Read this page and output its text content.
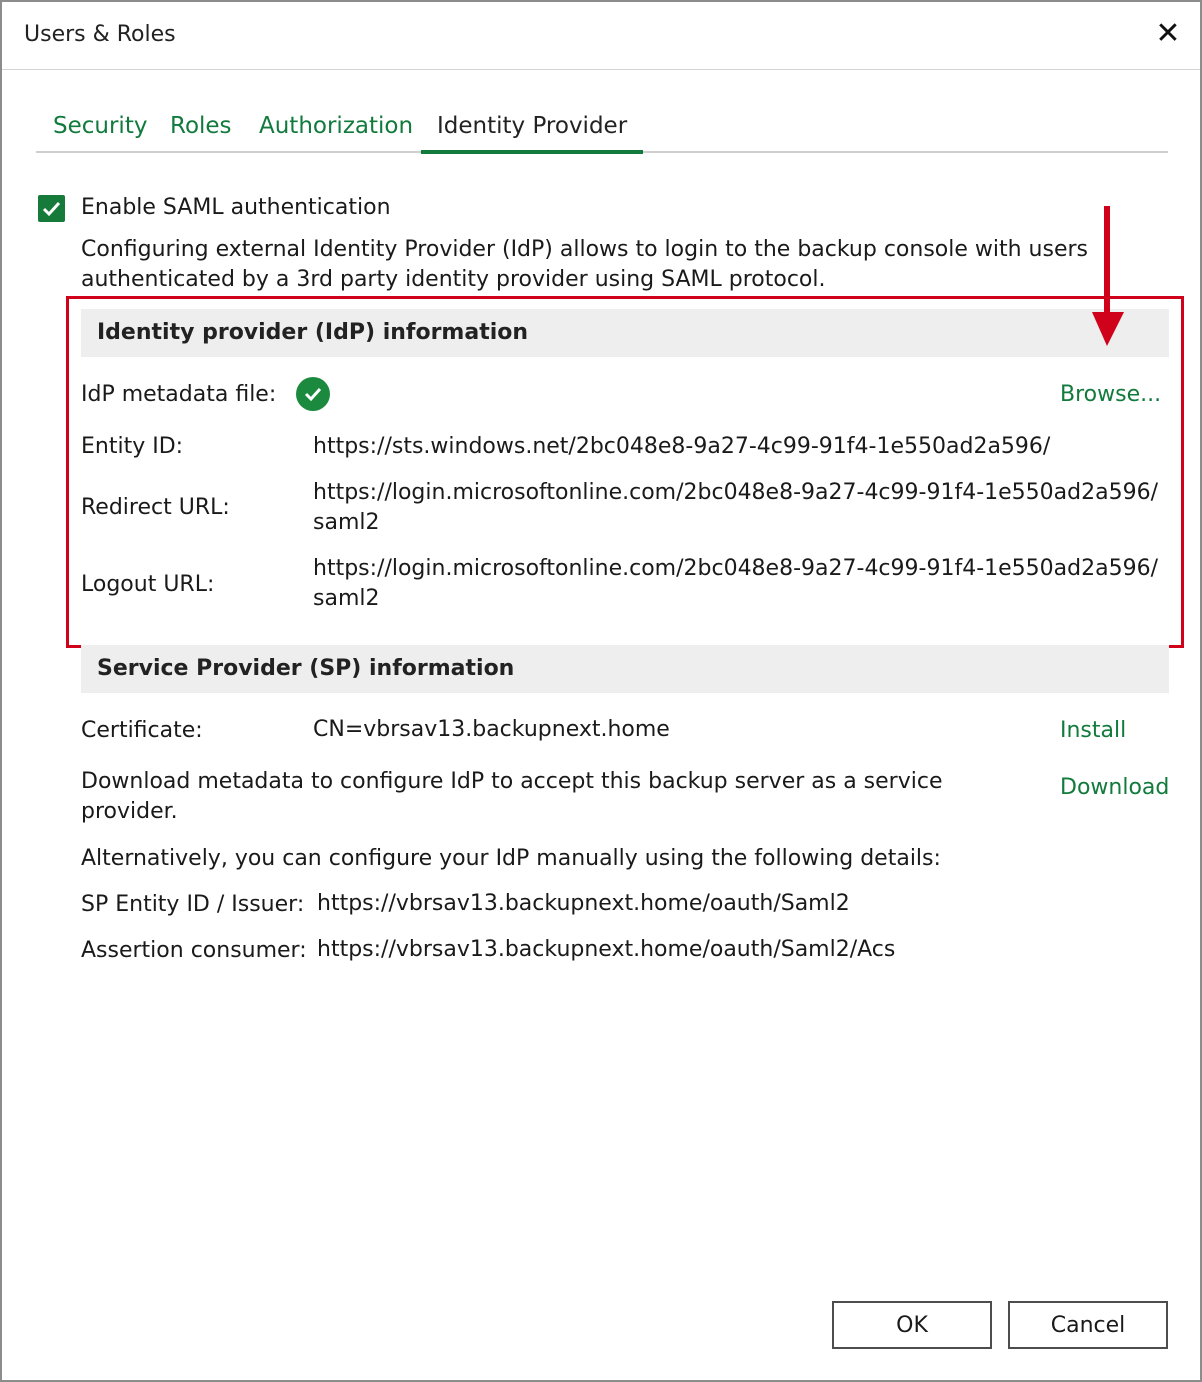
Users & Roles	✕
Security Roles	Authorization	Identity Provider
Enable SAML authentication
Configuring external Identity Provider (IdP) allows to login to the backup console with users authenticated by a 3rd party identity provider using SAML protocol.
Identity provider (IdP) information
IdP metadata file:	Browse...
Entity ID:	https://sts.windows.net/2bc048e8-9a27-4c99-91f4-1e550ad2a596/
Redirect URL:
https://login.microsoftonline.com/2bc048e8-9a27-4c99-91f4-1e550ad2a596/
saml2
Logout URL:
https://login.microsoftonline.com/2bc048e8-9a27-4c99-91f4-1e550ad2a596/
saml2
Service Provider (SP) information
Certificate:	CN=vbrsav13.backupnext.home	Install
Download metadata to configure IdP to accept this backup server as a service
provider.
Download
Alternatively, you can configure your IdP manually using the following details:
SP Entity ID / Issuer: https://vbrsav13.backupnext.home/oauth/Saml2
Assertion consumer: https://vbrsav13.backupnext.home/oauth/Saml2/Acs
OK	Cancel
